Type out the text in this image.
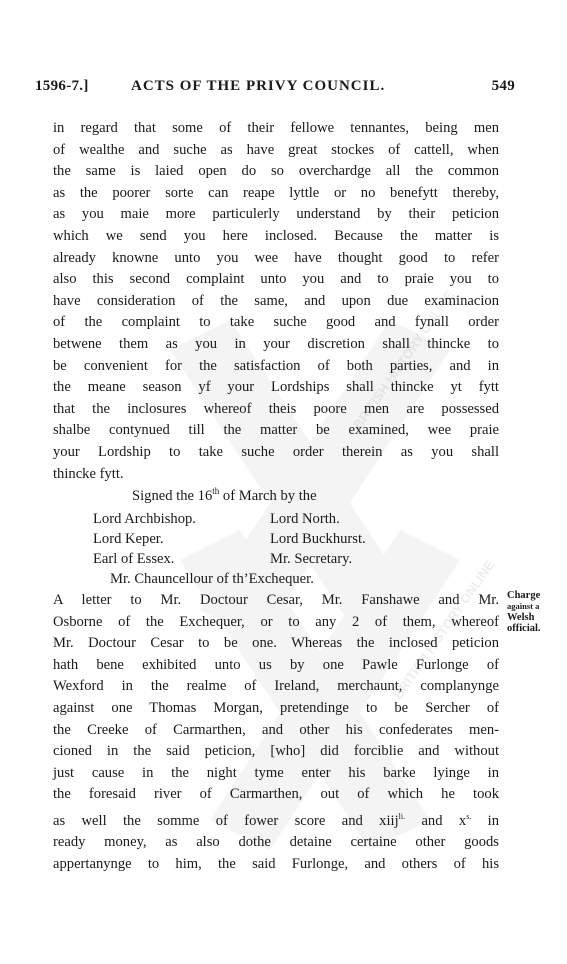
BRITISH HISTORY ONLINE
BRITISH HISTORY ONLINE
1596-7.]	ACTS OF THE PRIVY COUNCIL.	549
in regard that some of their fellowe tennantes, being men
of wealthe and suche as have great stockes of cattell, when
the same is laied open do so overchardge all the common
as the poorer sorte can reape lyttle or no benefytt thereby,
as you maie more particulerly understand by their peticion
which we send you here inclosed. Because the matter is
already knowne unto you wee have thought good to refer
also this second complaint unto you and to praie you to
have consideration of the same, and upon due examinacion
of the complaint to take suche good and fynall order
betwene them as you in your discretion shall thincke to
be convenient for the satisfaction of both parties, and in
the meane season yf your Lordships shall thincke yt fytt
that the inclosures whereof theis poore men are possessed
shalbe contynued till the matter be examined, wee praie
your Lordship to take suche order therein as you shall
thincke fytt.
Signed the 16th of March by the
Lord Archbishop.	Lord North.
Lord Keper.	Lord Buckhurst.
Earl of Essex.	Mr. Secretary.
Mr. Chauncellour of th’Exchequer.
A letter to Mr. Doctour Cesar, Mr. Fanshawe and Mr.
Osborne of the Exchequer, or to any 2 of them, whereof
Mr. Doctour Cesar to be one. Whereas the inclosed peticion
hath bene exhibited unto us by one Pawle Furlonge of
Wexford in the realme of Ireland, merchaunt, complanynge
against one Thomas Morgan, pretendinge to be Sercher of
the Creeke of Carmarthen, and other his confederates men-
cioned in the said peticion, [who] did forciblie and without
just cause in the night tyme enter his barke lyinge in
the foresaid river of Carmarthen, out of which he took
as well the somme of fower score and xiij$^{li.}$ and $x^{s.}$ in
ready money, as also dothe detaine certaine other goods
appertanynge to him, the said Furlonge, and others of his
Charge
against a
Welsh official.
